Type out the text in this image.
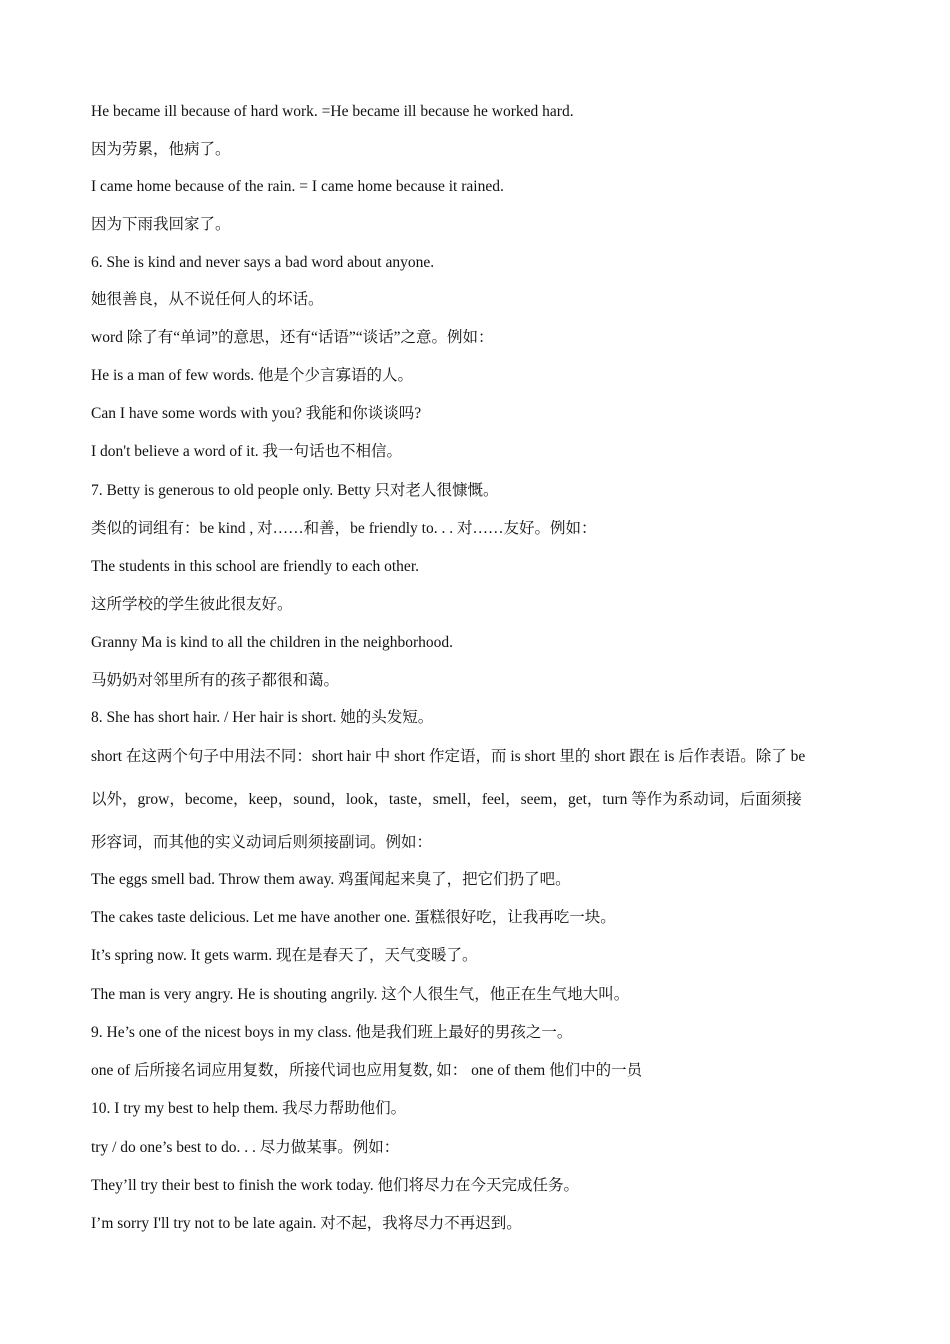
He became ill because of hard work. =He became ill because he worked hard.
因为劳累，他病了。
I came home because of the rain. = I came home because it rained.
因为下雨我回家了。
6. She is kind and never says a bad word about anyone.
她很善良，从不说任何人的坏话。
word 除了有“单词”的意思，还有“话语”“谈话”之意。例如：
He is a man of few words. 他是个少言寡语的人。
Can I have some words with you? 我能和你谈谈吗?
I don't believe a word of it. 我一句话也不相信。
7. Betty is generous to old people only. Betty 只对老人很慷慨。
类似的词组有：be kind , 对……和善，be friendly to. . . 对……友好。例如：
The students in this school are friendly to each other.
这所学校的学生彼此很友好。
Granny Ma is kind to all the children in the neighborhood.
马奶奶对邻里所有的孩子都很和蔼。
8. She has short hair. / Her hair is short. 她的头发短。
short 在这两个句子中用法不同：short hair 中 short 作定语，而 is short 里的 short 跟在 is 后作表语。除了 be
以外，grow，become，keep，sound，look，taste，smell，feel，seem，get，turn 等作为系动词，后面须接
形容词，而其他的实义动词后则须接副词。例如：
The eggs smell bad. Throw them away. 鸡蛋闻起来臭了，把它们扔了吧。
The cakes taste delicious. Let me have another one. 蛋糕很好吃，让我再吃一块。
It’s spring now. It gets warm. 现在是春天了，天气变暖了。
The man is very angry. He is shouting angrily. 这个人很生气，他正在生气地大叫。
9. He’s one of the nicest boys in my class. 他是我们班上最好的男孩之一。
one of 后所接名词应用复数，所接代词也应用复数, 如： one of them 他们中的一员
10. I try my best to help them. 我尽力帮助他们。
try / do one’s best to do. . . 尽力做某事。例如：
They’ll try their best to finish the work today. 他们将尽力在今天完成任务。
I’m sorry I'll try not to be late again. 对不起，我将尽力不再迟到。
